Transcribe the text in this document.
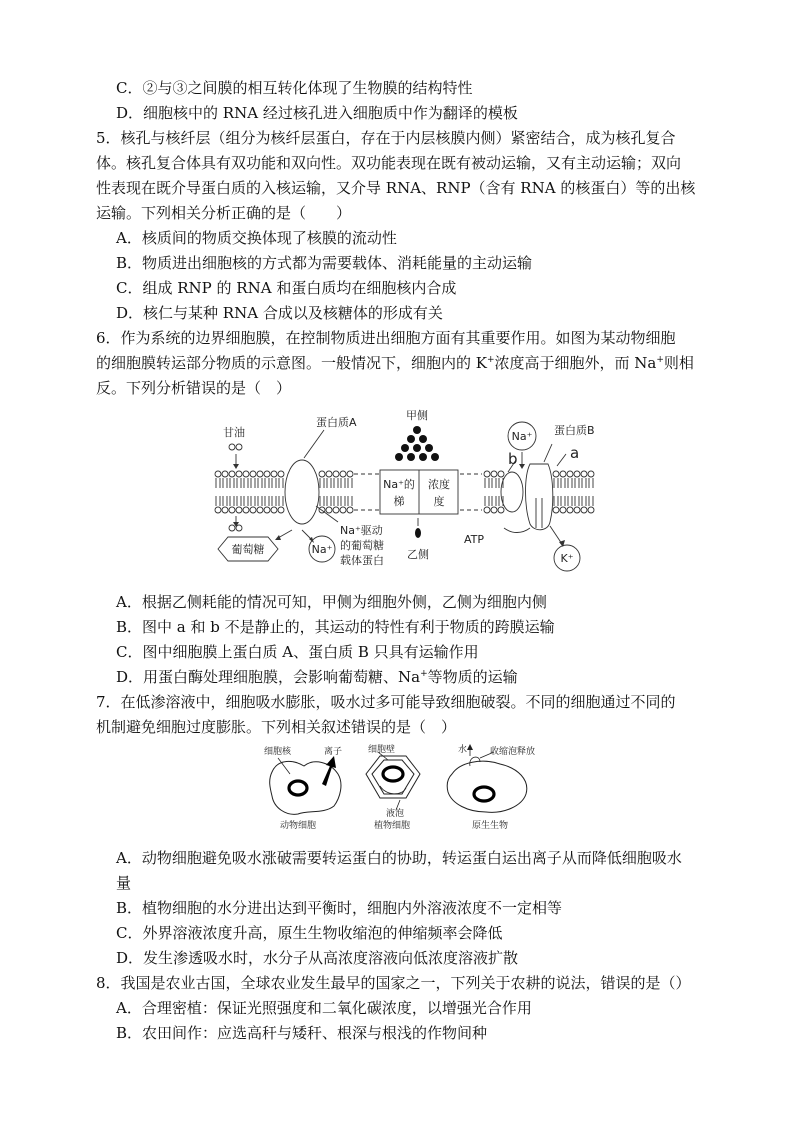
C．②与③之间膜的相互转化体现了生物膜的结构特性
D．细胞核中的 RNA 经过核孔进入细胞质中作为翻译的模板
5．核孔与核纤层（组分为核纤层蛋白，存在于内层核膜内侧）紧密结合，成为核孔复合
体。核孔复合体具有双功能和双向性。双功能表现在既有被动运输，又有主动运输；双向
性表现在既介导蛋白质的入核运输，又介导 RNA、RNP（含有 RNA 的核蛋白）等的出核
运输。下列相关分析正确的是（　　）
A．核质间的物质交换体现了核膜的流动性
B．物质进出细胞核的方式都为需要载体、消耗能量的主动运输
C．组成 RNP 的 RNA 和蛋白质均在细胞核内合成
D．核仁与某种 RNA 合成以及核糖体的形成有关
6．作为系统的边界细胞膜，在控制物质进出细胞方面有其重要作用。如图为某动物细胞
的细胞膜转运部分物质的示意图。一般情况下，细胞内的 K+浓度高于细胞外，而 Na+则相
反。下列分析错误的是（　）
甘油
蛋白质A
甲侧
Na⁺的
梯
浓度
度
蛋白质B
Na⁺
K⁺
Na⁺
葡萄糖
Na⁺驱动
的葡萄糖
载体蛋白 乙侧
ATP
b	a
A．根据乙侧耗能的情况可知，甲侧为细胞外侧，乙侧为细胞内侧
B．图中 a 和 b 不是静止的，其运动的特性有利于物质的跨膜运输
C．图中细胞膜上蛋白质 A、蛋白质 B 只具有运输作用
D．用蛋白酶处理细胞膜，会影响葡萄糖、Na+等物质的运输
7．在低渗溶液中，细胞吸水膨胀，吸水过多可能导致细胞破裂。不同的细胞通过不同的
机制避免细胞过度膨胀。下列相关叙述错误的是（　）
细胞核	离子
动物细胞
细胞壁
液泡
植物细胞
水	收缩泡释放
原生生物
A．动物细胞避免吸水涨破需要转运蛋白的协助，转运蛋白运出离子从而降低细胞吸水
量
B．植物细胞的水分进出达到平衡时，细胞内外溶液浓度不一定相等
C．外界溶液浓度升高，原生生物收缩泡的伸缩频率会降低
D．发生渗透吸水时，水分子从高浓度溶液向低浓度溶液扩散
8．我国是农业古国，全球农业发生最早的国家之一，下列关于农耕的说法，错误的是（）
A．合理密植：保证光照强度和二氧化碳浓度，以增强光合作用
B．农田间作：应选高秆与矮秆、根深与根浅的作物间种
